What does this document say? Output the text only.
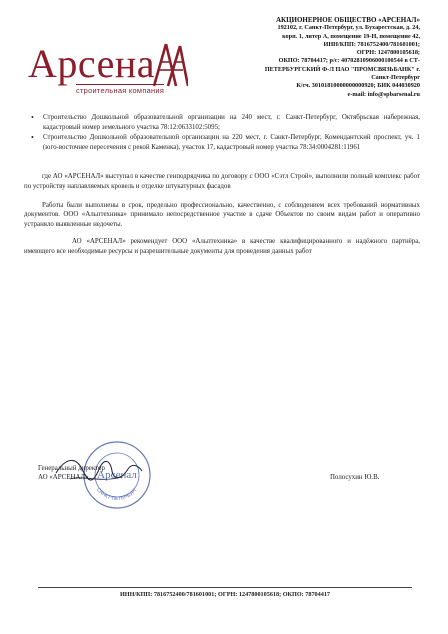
Арсена
строительная компания
АКЦИОНЕРНОЕ ОБЩЕСТВО «АРСЕНАЛ»
192102, г. Санкт-Петербург, ул. Бухарестская, д. 24,
корп. 1, литер А, помещение 19-Н, помещение 42,
ИНН/КПП: 7816752400/781601001;
ОГРН: 1247800105618;
ОКПО: 78704417; р/с: 40702810906000100544 в СТ-
ПЕТЕРБУРГСКИЙ Ф-Л ПАО "ПРОМСВЯЗЬБАНК" г.
Санкт-Петербург
К/сч. 30101810000000000920; БИК 044030920
e-mail: info@spbarsenal.ru
• Строительство Дошкольной образовательной организации на 240 мест, г. Санкт-Петербург, Октябрьская набережная, кадастровый номер земельного участка 78:12:0633102:5095;
• Строительство Дошкольной образовательной организации на 220 мест, г. Санкт-Петербург, Комендантский проспект, уч. 1 (юго-восточнее пересечения с рекой Каменка), участок 17, кадастровый номер участка 78:34:0004281:11961

где АО «АРСЕНАЛ» выступал в качестве генподрядчика по договору с ООО «Сэтл Строй», выполнили полный комплекс работ по устройству наплавляемых кровель и отделке штукатурных фасадов

Работы были выполнены в срок, предельно профессионально, качественно, с соблюдением всех требований нормативных документов. ООО «Альптехника» принимало непосредственное участие в сдаче Объектов по своим видам работ и оперативно устраняло выявленные недочеты.

АО «АРСЕНАЛ» рекомендует ООО «Альптехника» в качестве квалифицированного и надёжного партнёра, имеющего все необходимые ресурсы и разрешительные документы для проведения данных работ

Арсенал
САНКТ-ПЕТЕРБУРГ
Генеральный директор
АО «АРСЕНАЛ»	Полосухин Ю.В.
ИНН/КПП: 7816752400/781601001; ОГРН: 1247800105618; ОКПО: 78704417
